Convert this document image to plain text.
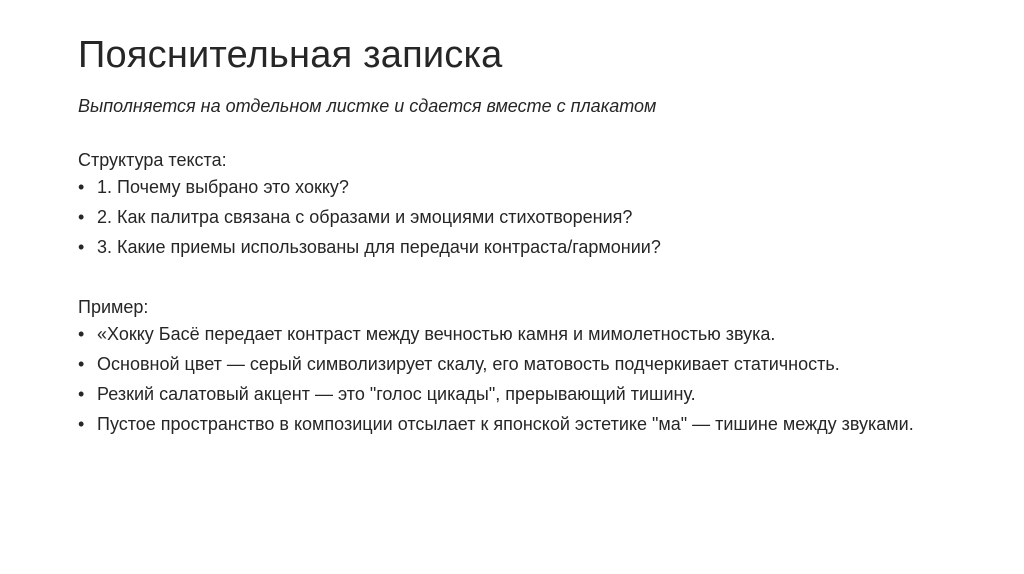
Пояснительная записка
Выполняется на отдельном листке и сдается вместе с плакатом
Структура текста:
• 1. Почему выбрано это хокку?
• 2. Как палитра связана с образами и эмоциями стихотворения?
• 3. Какие приемы использованы для передачи контраста/гармонии?
Пример:
• «Хокку Басё передает контраст между вечностью камня и мимолетностью звука.
• Основной цвет — серый символизирует скалу, его матовость подчеркивает статичность.
• Резкий салатовый акцент — это "голос цикады", прерывающий тишину.
• Пустое пространство в композиции отсылает к японской эстетике "ма" — тишине между звуками.
